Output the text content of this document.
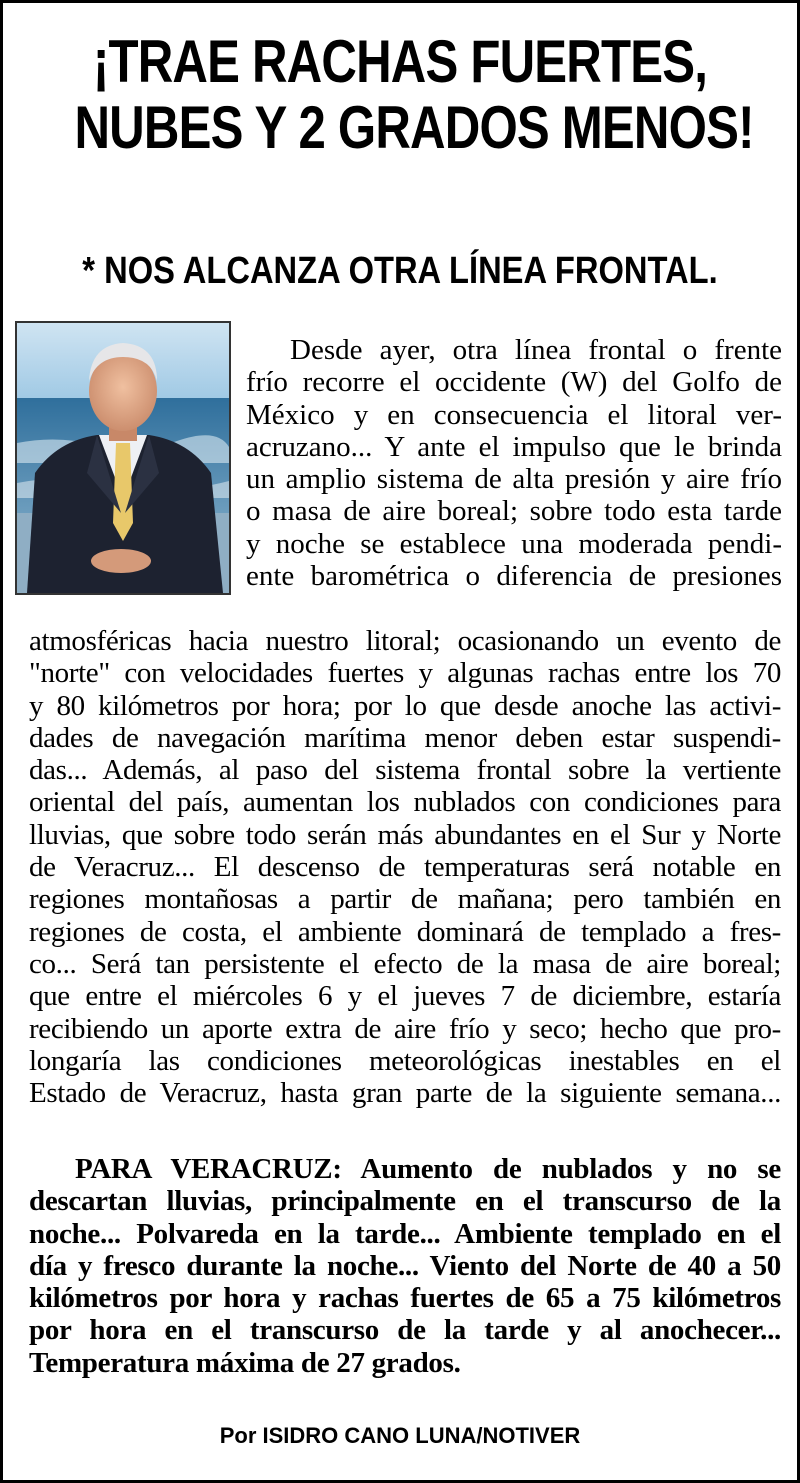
¡TRAE RACHAS FUERTES,
NUBES Y 2 GRADOS MENOS!
* NOS ALCANZA OTRA LÍNEA FRONTAL.
Desde ayer, otra línea frontal o frente
frío recorre el occidente (W) del Golfo de
México y en consecuencia el litoral ver-
acruzano... Y ante el impulso que le brinda
un amplio sistema de alta presión y aire frío
o masa de aire boreal; sobre todo esta tarde
y noche se establece una moderada pendi-
ente barométrica o diferencia de presiones
atmosféricas hacia nuestro litoral; ocasionando un evento de
"norte" con velocidades fuertes y algunas rachas entre los 70
y 80 kilómetros por hora; por lo que desde anoche las activi-
dades de navegación marítima menor deben estar suspendi-
das... Además, al paso del sistema frontal sobre la vertiente
oriental del país, aumentan los nublados con condiciones para
lluvias, que sobre todo serán más abundantes en el Sur y Norte
de Veracruz... El descenso de temperaturas será notable en
regiones montañosas a partir de mañana; pero también en
regiones de costa, el ambiente dominará de templado a fres-
co... Será tan persistente el efecto de la masa de aire boreal;
que entre el miércoles 6 y el jueves 7 de diciembre, estaría
recibiendo un aporte extra de aire frío y seco; hecho que pro-
longaría las condiciones meteorológicas inestables en el
Estado de Veracruz, hasta gran parte de la siguiente semana...
PARA VERACRUZ: Aumento de nublados y no se
descartan lluvias, principalmente en el transcurso de la
noche... Polvareda en la tarde... Ambiente templado en el
día y fresco durante la noche... Viento del Norte de 40 a 50
kilómetros por hora y rachas fuertes de 65 a 75 kilómetros
por hora en el transcurso de la tarde y al anochecer...
Temperatura máxima de 27 grados.

Por ISIDRO CANO LUNA/NOTIVER
